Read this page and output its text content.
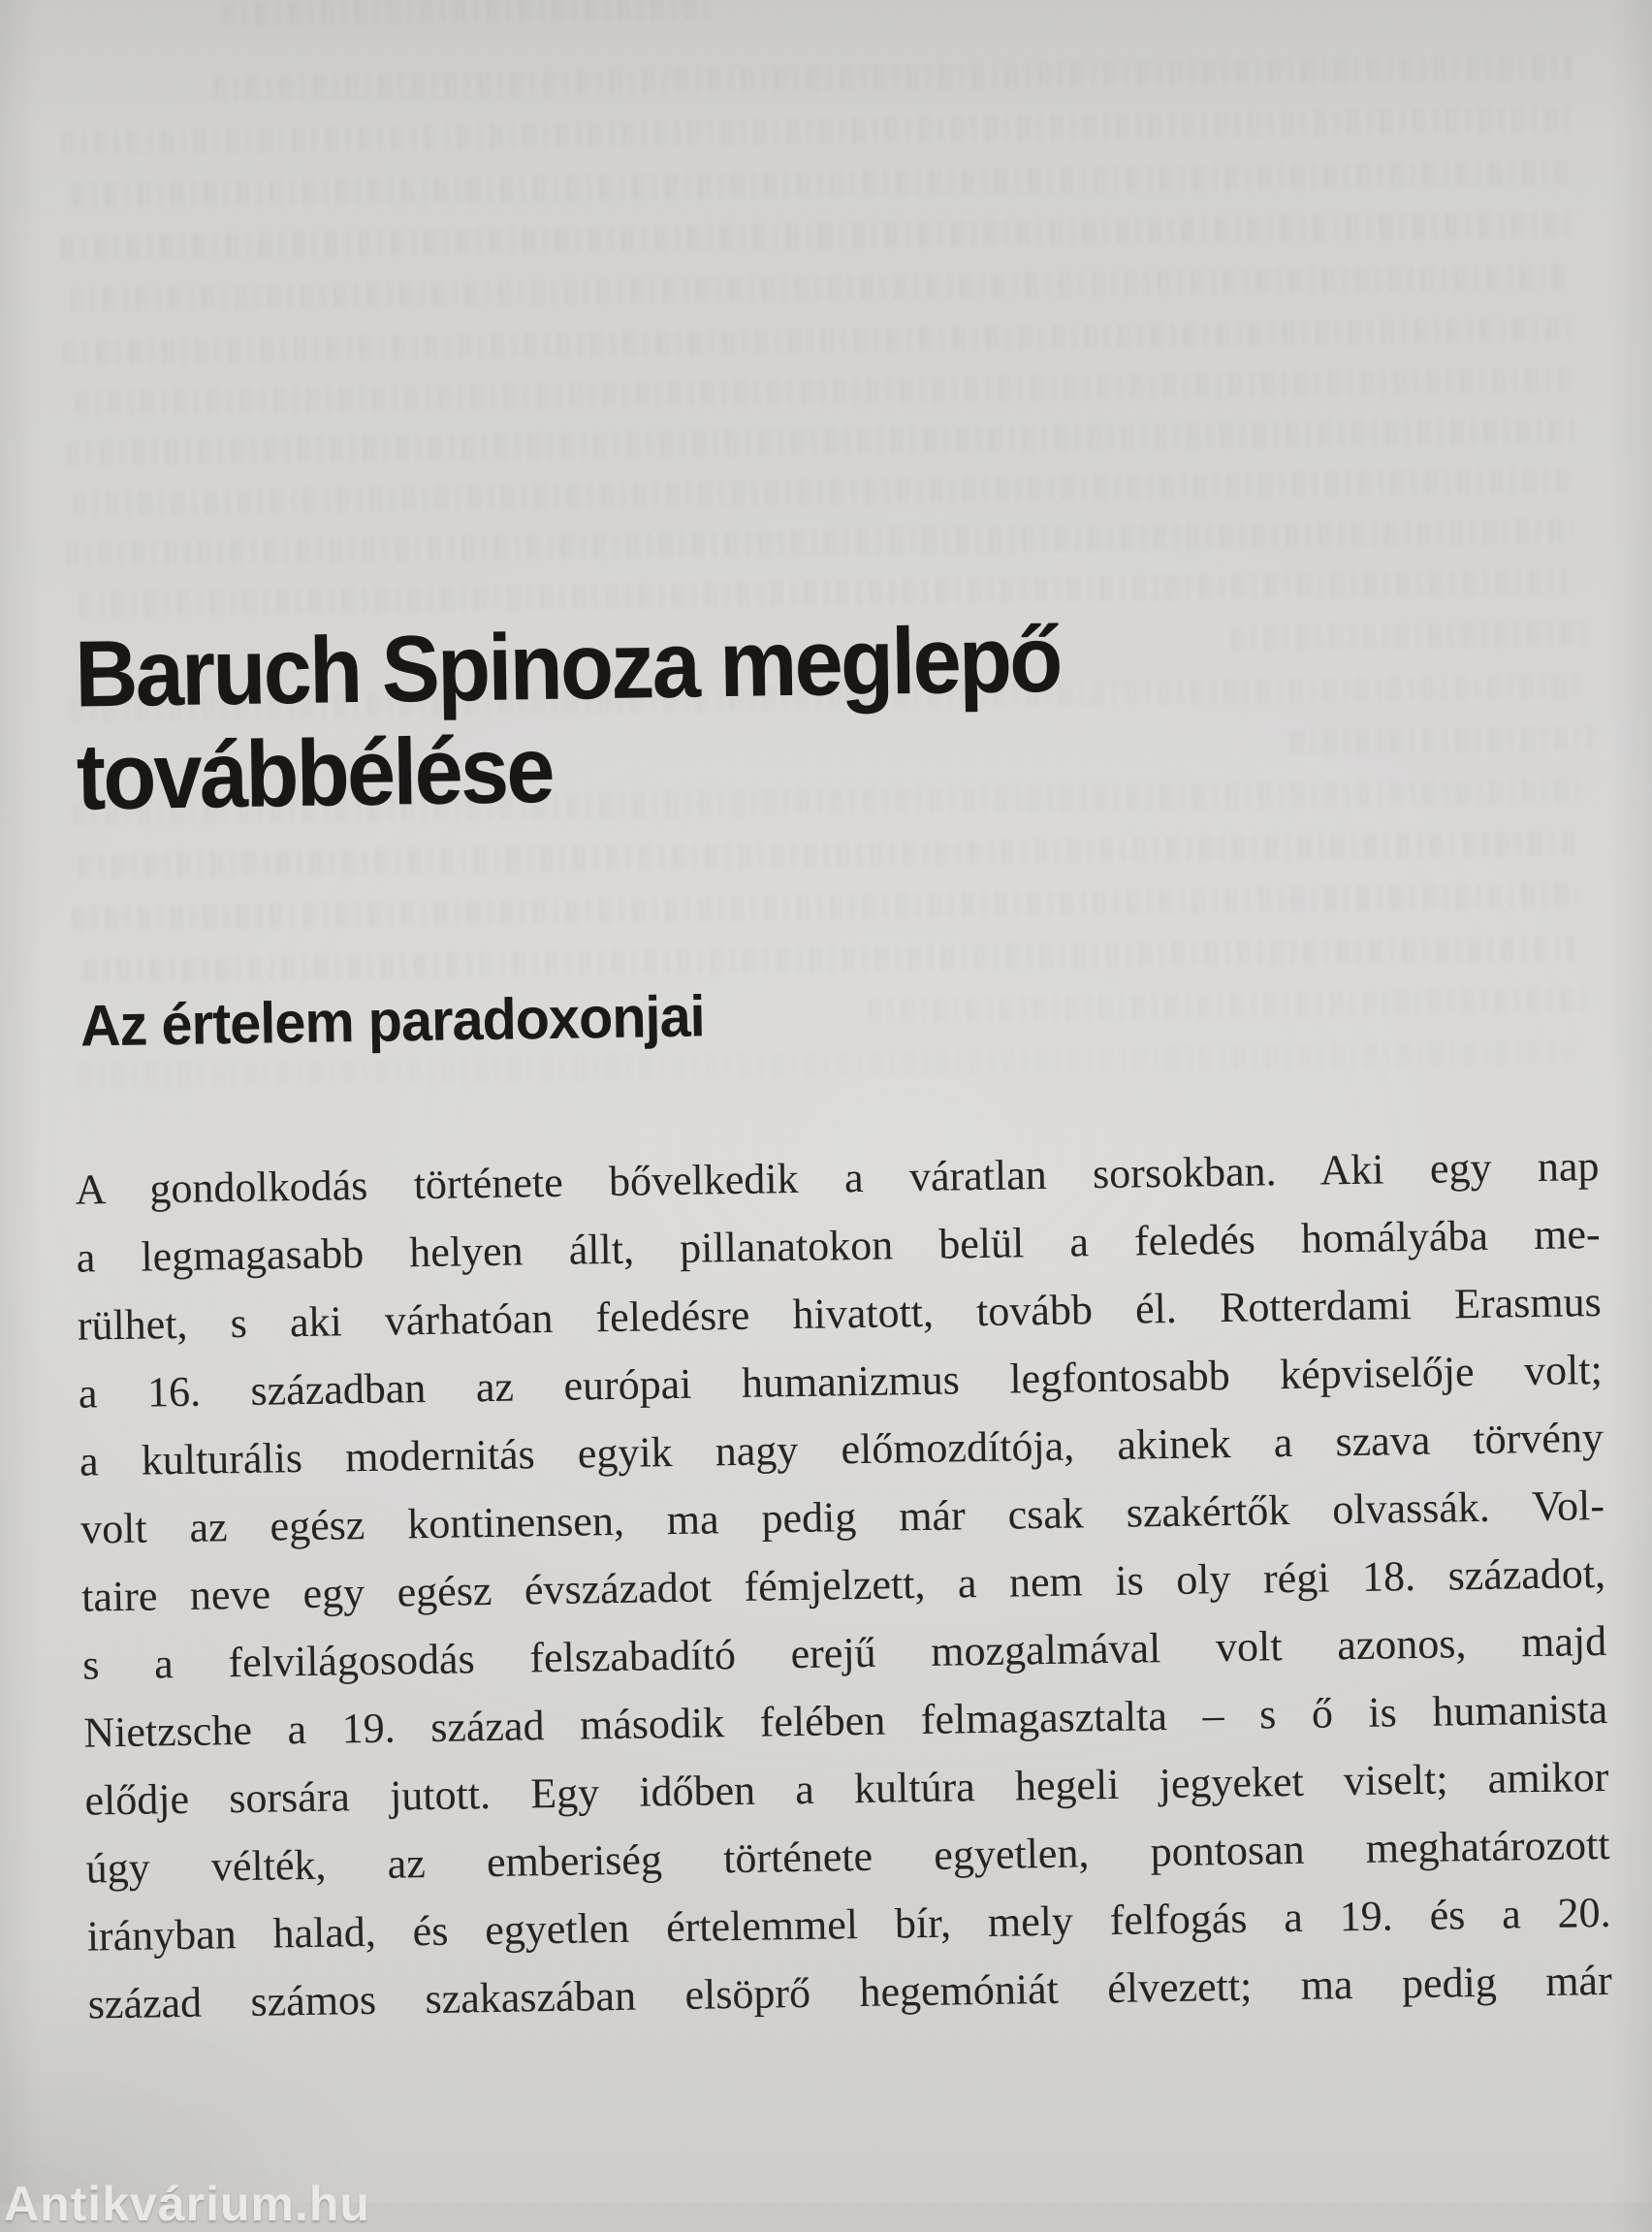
Baruch Spinoza meglepő
továbbélése
Az értelem paradoxonjai
A gondolkodás története bővelkedik a váratlan sorsokban. Aki egy nap
a legmagasabb helyen állt, pillanatokon belül a feledés homályába me-
rülhet, s aki várhatóan feledésre hivatott, tovább él. Rotterdami Erasmus
a 16. században az európai humanizmus legfontosabb képviselője volt;
a kulturális modernitás egyik nagy előmozdítója, akinek a szava törvény
volt az egész kontinensen, ma pedig már csak szakértők olvassák. Vol-
taire neve egy egész évszázadot fémjelzett, a nem is oly régi 18. századot,
s a felvilágosodás felszabadító erejű mozgalmával volt azonos, majd
Nietzsche a 19. század második felében felmagasztalta – s ő is humanista
elődje sorsára jutott. Egy időben a kultúra hegeli jegyeket viselt; amikor
úgy vélték, az emberiség története egyetlen, pontosan meghatározott
irányban halad, és egyetlen értelemmel bír, mely felfogás a 19. és a 20.
század számos szakaszában elsöprő hegemóniát élvezett; ma pedig már
Antikvárium.hu
